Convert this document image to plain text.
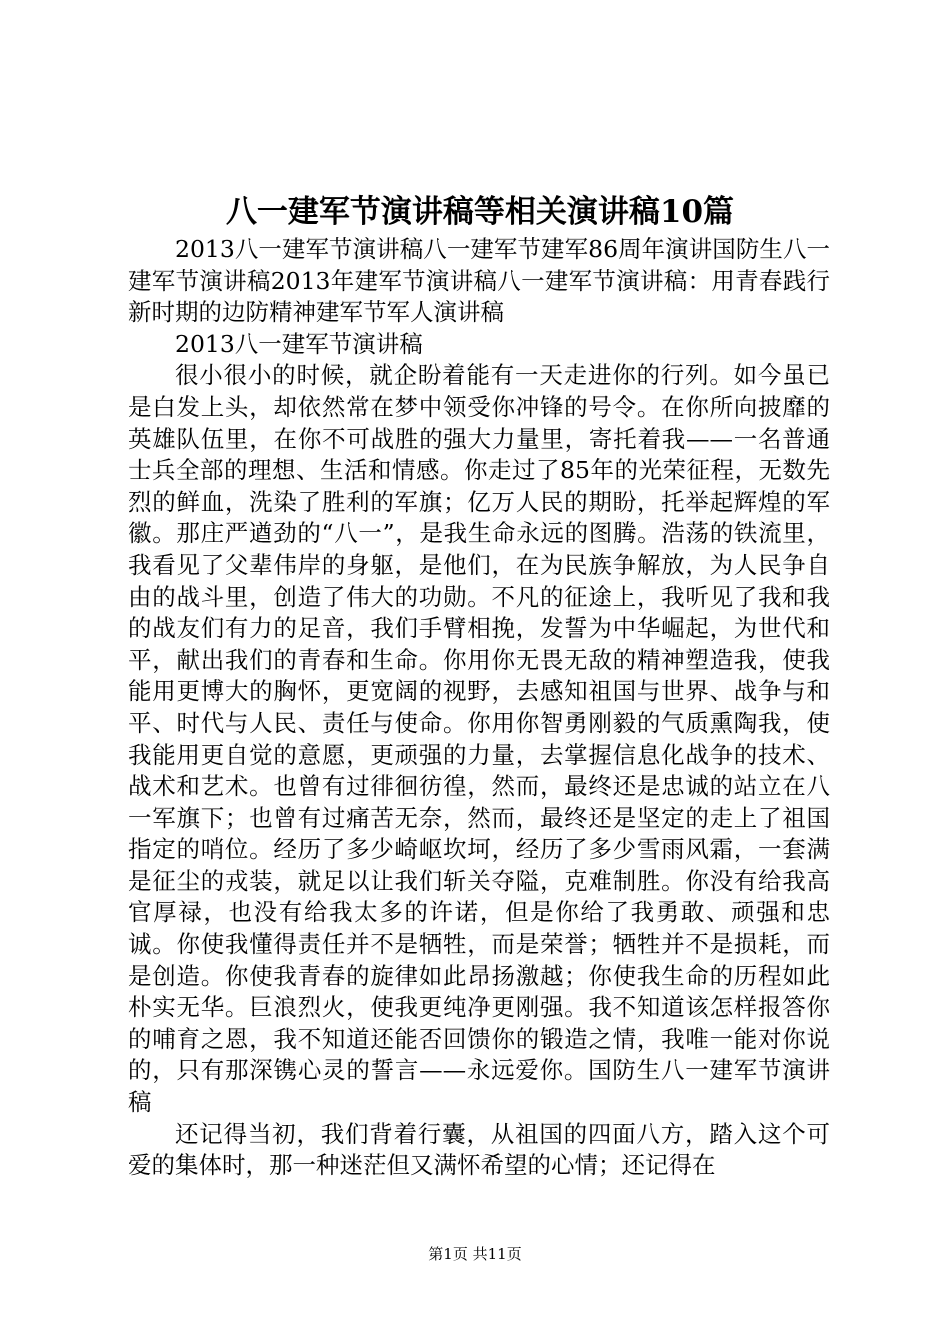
八一建军节演讲稿等相关演讲稿10篇

2013八一建军节演讲稿八一建军节建军86周年演讲国防生八一建军节演讲稿2013年建军节演讲稿八一建军节演讲稿：用青春践行新时期的边防精神建军节军人演讲稿

2013八一建军节演讲稿

很小很小的时候，就企盼着能有一天走进你的行列。如今虽已是白发上头，却依然常在梦中领受你冲锋的号令。在你所向披靡的英雄队伍里，在你不可战胜的强大力量里，寄托着我——一名普通士兵全部的理想、生活和情感。你走过了85年的光荣征程，无数先烈的鲜血，洗染了胜利的军旗；亿万人民的期盼，托举起辉煌的军徽。那庄严遒劲的“八一”，是我生命永远的图腾。浩荡的铁流里，我看见了父辈伟岸的身躯，是他们，在为民族争解放，为人民争自由的战斗里，创造了伟大的功勋。不凡的征途上，我听见了我和我的战友们有力的足音，我们手臂相挽，发誓为中华崛起，为世代和平，献出我们的青春和生命。你用你无畏无敌的精神塑造我，使我能用更博大的胸怀，更宽阔的视野，去感知祖国与世界、战争与和平、时代与人民、责任与使命。你用你智勇刚毅的气质熏陶我，使我能用更自觉的意愿，更顽强的力量，去掌握信息化战争的技术、战术和艺术。也曾有过徘徊彷徨，然而，最终还是忠诚的站立在八一军旗下；也曾有过痛苦无奈，然而，最终还是坚定的走上了祖国指定的哨位。经历了多少崎岖坎坷，经历了多少雪雨风霜，一套满是征尘的戎装，就足以让我们斩关夺隘，克难制胜。你没有给我高官厚禄，也没有给我太多的许诺，但是你给了我勇敢、顽强和忠诚。你使我懂得责任并不是牺牲，而是荣誉；牺牲并不是损耗，而是创造。你使我青春的旋律如此昂扬激越；你使我生命的历程如此朴实无华。巨浪烈火，使我更纯净更刚强。我不知道该怎样报答你的哺育之恩，我不知道还能否回馈你的锻造之情，我唯一能对你说的，只有那深镌心灵的誓言——永远爱你。国防生八一建军节演讲稿

还记得当初，我们背着行囊，从祖国的四面八方，踏入这个可爱的集体时，那一种迷茫但又满怀希望的心情；还记得在

第1页 共11页
